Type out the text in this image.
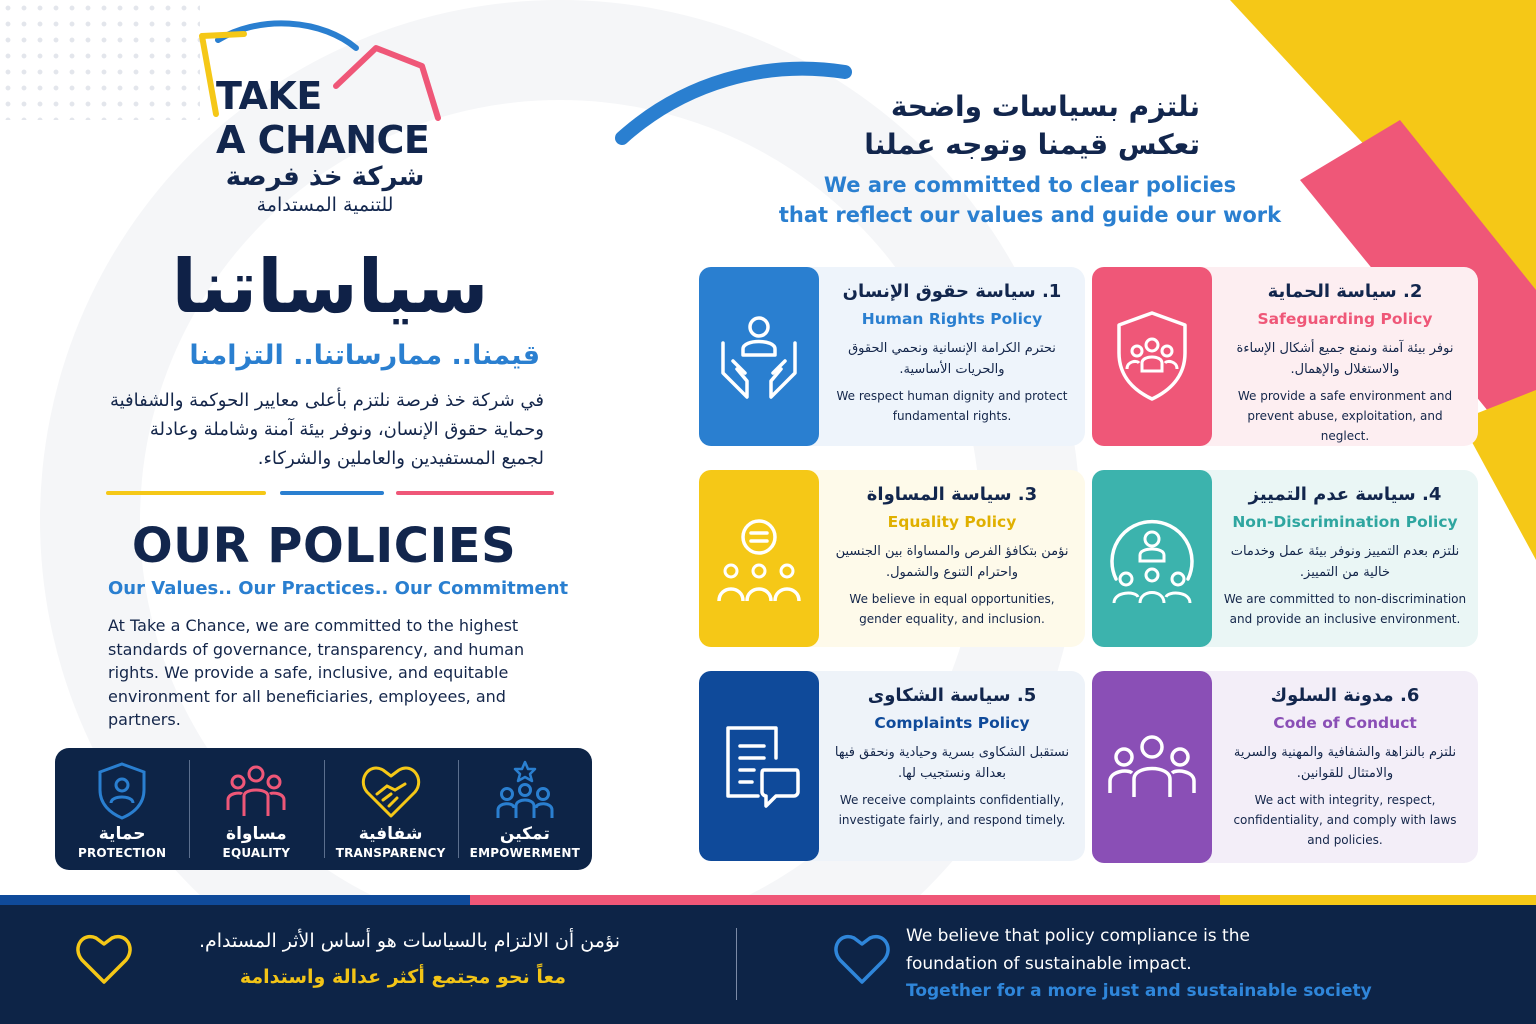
TAKE
A CHANCE
شركة خذ فرصة
للتنمية المستدامة
سياساتنا
قيمنا.. ممارساتنا.. التزامنا
في شركة خذ فرصة نلتزم بأعلى معايير الحوكمة والشفافية وحماية حقوق الإنسان، ونوفر بيئة آمنة وشاملة وعادلة لجميع المستفيدين والعاملين والشركاء.
OUR POLICIES
Our Values.. Our Practices.. Our Commitment
At Take a Chance, we are committed to the highest standards of governance, transparency, and human rights. We provide a safe, inclusive, and equitable environment for all beneficiaries, employees, and partners.
حماية
PROTECTION
مساواة
EQUALITY
شفافية
TRANSPARENCY
تمكين
EMPOWERMENT
نلتزم بسياسات واضحة
تعكس قيمنا وتوجه عملنا
We are committed to clear policies
that reflect our values and guide our work
1. سياسة حقوق الإنسان
Human Rights Policy
نحترم الكرامة الإنسانية ونحمي الحقوق والحريات الأساسية.
We respect human dignity and protect fundamental rights.
2. سياسة الحماية
Safeguarding Policy
نوفر بيئة آمنة ونمنع جميع أشكال الإساءة والاستغلال والإهمال.
We provide a safe environment and prevent abuse, exploitation, and neglect.
3. سياسة المساواة
Equality Policy
نؤمن بتكافؤ الفرص والمساواة بين الجنسين واحترام التنوع والشمول.
We believe in equal opportunities, gender equality, and inclusion.
4. سياسة عدم التمييز
Non-Discrimination Policy
نلتزم بعدم التمييز ونوفر بيئة عمل وخدمات خالية من التمييز.
We are committed to non-discrimination and provide an inclusive environment.
5. سياسة الشكاوى
Complaints Policy
نستقبل الشكاوى بسرية وحيادية ونحقق فيها بعدالة ونستجيب لها.
We receive complaints confidentially, investigate fairly, and respond timely.
6. مدونة السلوك
Code of Conduct
نلتزم بالنزاهة والشفافية والمهنية والسرية والامتثال للقوانين.
We act with integrity, respect, confidentiality, and comply with laws and policies.
نؤمن أن الالتزام بالسياسات هو أساس الأثر المستدام.
معاً نحو مجتمع أكثر عدالة واستدامة
We believe that policy compliance is the foundation of sustainable impact.
Together for a more just and sustainable society
